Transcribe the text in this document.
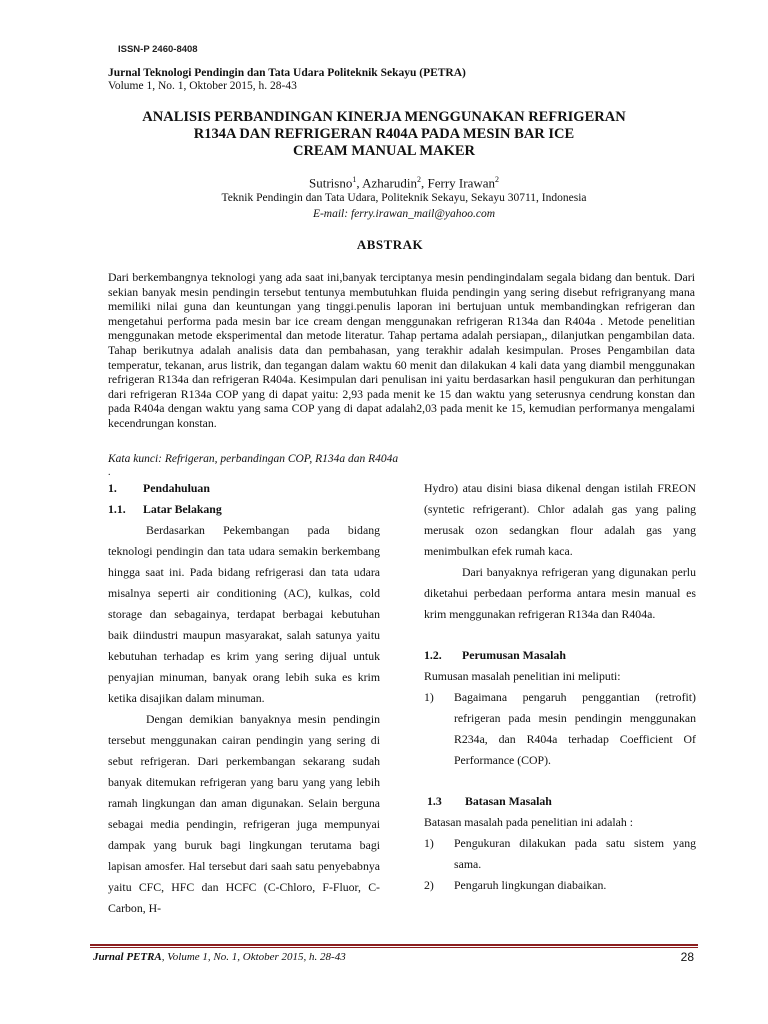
ISSN-P 2460-8408
Jurnal Teknologi Pendingin dan Tata Udara Politeknik Sekayu (PETRA)
Volume 1, No. 1, Oktober 2015, h. 28-43
ANALISIS PERBANDINGAN KINERJA MENGGUNAKAN REFRIGERAN
R134A DAN REFRIGERAN R404A PADA MESIN BAR ICE
CREAM MANUAL MAKER
Sutrisno$^1$, Azharudin$^2$, Ferry Irawan$^2$
Teknik Pendingin dan Tata Udara, Politeknik Sekayu, Sekayu 30711, Indonesia
E-mail: ferry.irawan_mail@yahoo.com
ABSTRAK
Dari berkembangnya teknologi yang ada saat ini,banyak terciptanya mesin pendingindalam segala bidang dan bentuk. Dari sekian banyak mesin pendingin tersebut tentunya membutuhkan fluida pendingin yang sering disebut refrigranyang mana memiliki nilai guna dan keuntungan yang tinggi.penulis laporan ini bertujuan untuk membandingkan refrigeran dan mengetahui performa pada mesin bar ice cream dengan menggunakan refrigeran R134a dan R404a . Metode penelitian menggunakan metode eksperimental dan metode literatur. Tahap pertama adalah persiapan,, dilanjutkan pengambilan data. Tahap berikutnya adalah analisis data dan pembahasan, yang terakhir adalah kesimpulan. Proses Pengambilan data temperatur, tekanan, arus listrik, dan tegangan dalam waktu 60 menit dan dilakukan 4 kali data yang diambil menggunakan refrigeran R134a dan refrigeran R404a. Kesimpulan dari penulisan ini yaitu berdasarkan hasil pengukuran dan perhitungan dari refrigeran R134a COP yang di dapat yaitu: 2,93 pada menit ke 15 dan waktu yang seterusnya cendrung konstan dan pada R404a dengan waktu yang sama COP yang di dapat adalah2,03 pada menit ke 15, kemudian performanya mengalami kecendrungan konstan.
Kata kunci: Refrigeran, perbandingan COP, R134a dan R404a
.
1.	Pendahuluan
1.1.	Latar Belakang
Berdasarkan Pekembangan pada bidang teknologi pendingin dan tata udara semakin berkembang hingga saat ini. Pada bidang refrigerasi dan tata udara misalnya seperti air conditioning (AC), kulkas, cold storage dan sebagainya, terdapat berbagai kebutuhan baik diindustri maupun masyarakat, salah satunya yaitu kebutuhan terhadap es krim yang sering dijual untuk penyajian minuman, banyak orang lebih suka es krim ketika disajikan dalam minuman.
Dengan demikian banyaknya mesin pendingin tersebut menggunakan cairan pendingin yang sering di sebut refrigeran. Dari perkembangan sekarang sudah banyak ditemukan refrigeran yang baru yang yang lebih ramah lingkungan dan aman digunakan. Selain berguna sebagai media pendingin, refrigeran juga mempunyai dampak yang buruk bagi lingkungan terutama bagi lapisan amosfer. Hal tersebut dari saah satu penyebabnya yaitu CFC, HFC dan HCFC (C-Chloro, F-Fluor, C-Carbon, H-
Hydro) atau disini biasa dikenal dengan istilah FREON (syntetic refrigerant). Chlor adalah gas yang paling merusak ozon sedangkan flour adalah gas yang menimbulkan efek rumah kaca.
Dari banyaknya refrigeran yang digunakan perlu diketahui perbedaan performa antara mesin manual es krim menggunakan refrigeran R134a dan R404a.
1.2.	Perumusan Masalah
Rumusan masalah penelitian ini meliputi:
1)	Bagaimana pengaruh penggantian (retrofit) refrigeran pada mesin pendingin menggunakan R234a, dan R404a terhadap Coefficient Of Performance (COP).
1.3	Batasan Masalah
Batasan masalah pada penelitian ini adalah :
1)	Pengukuran dilakukan pada satu sistem yang sama.
2)	Pengaruh lingkungan diabaikan.
Jurnal PETRA, Volume 1, No. 1, Oktober 2015, h. 28-43	28
